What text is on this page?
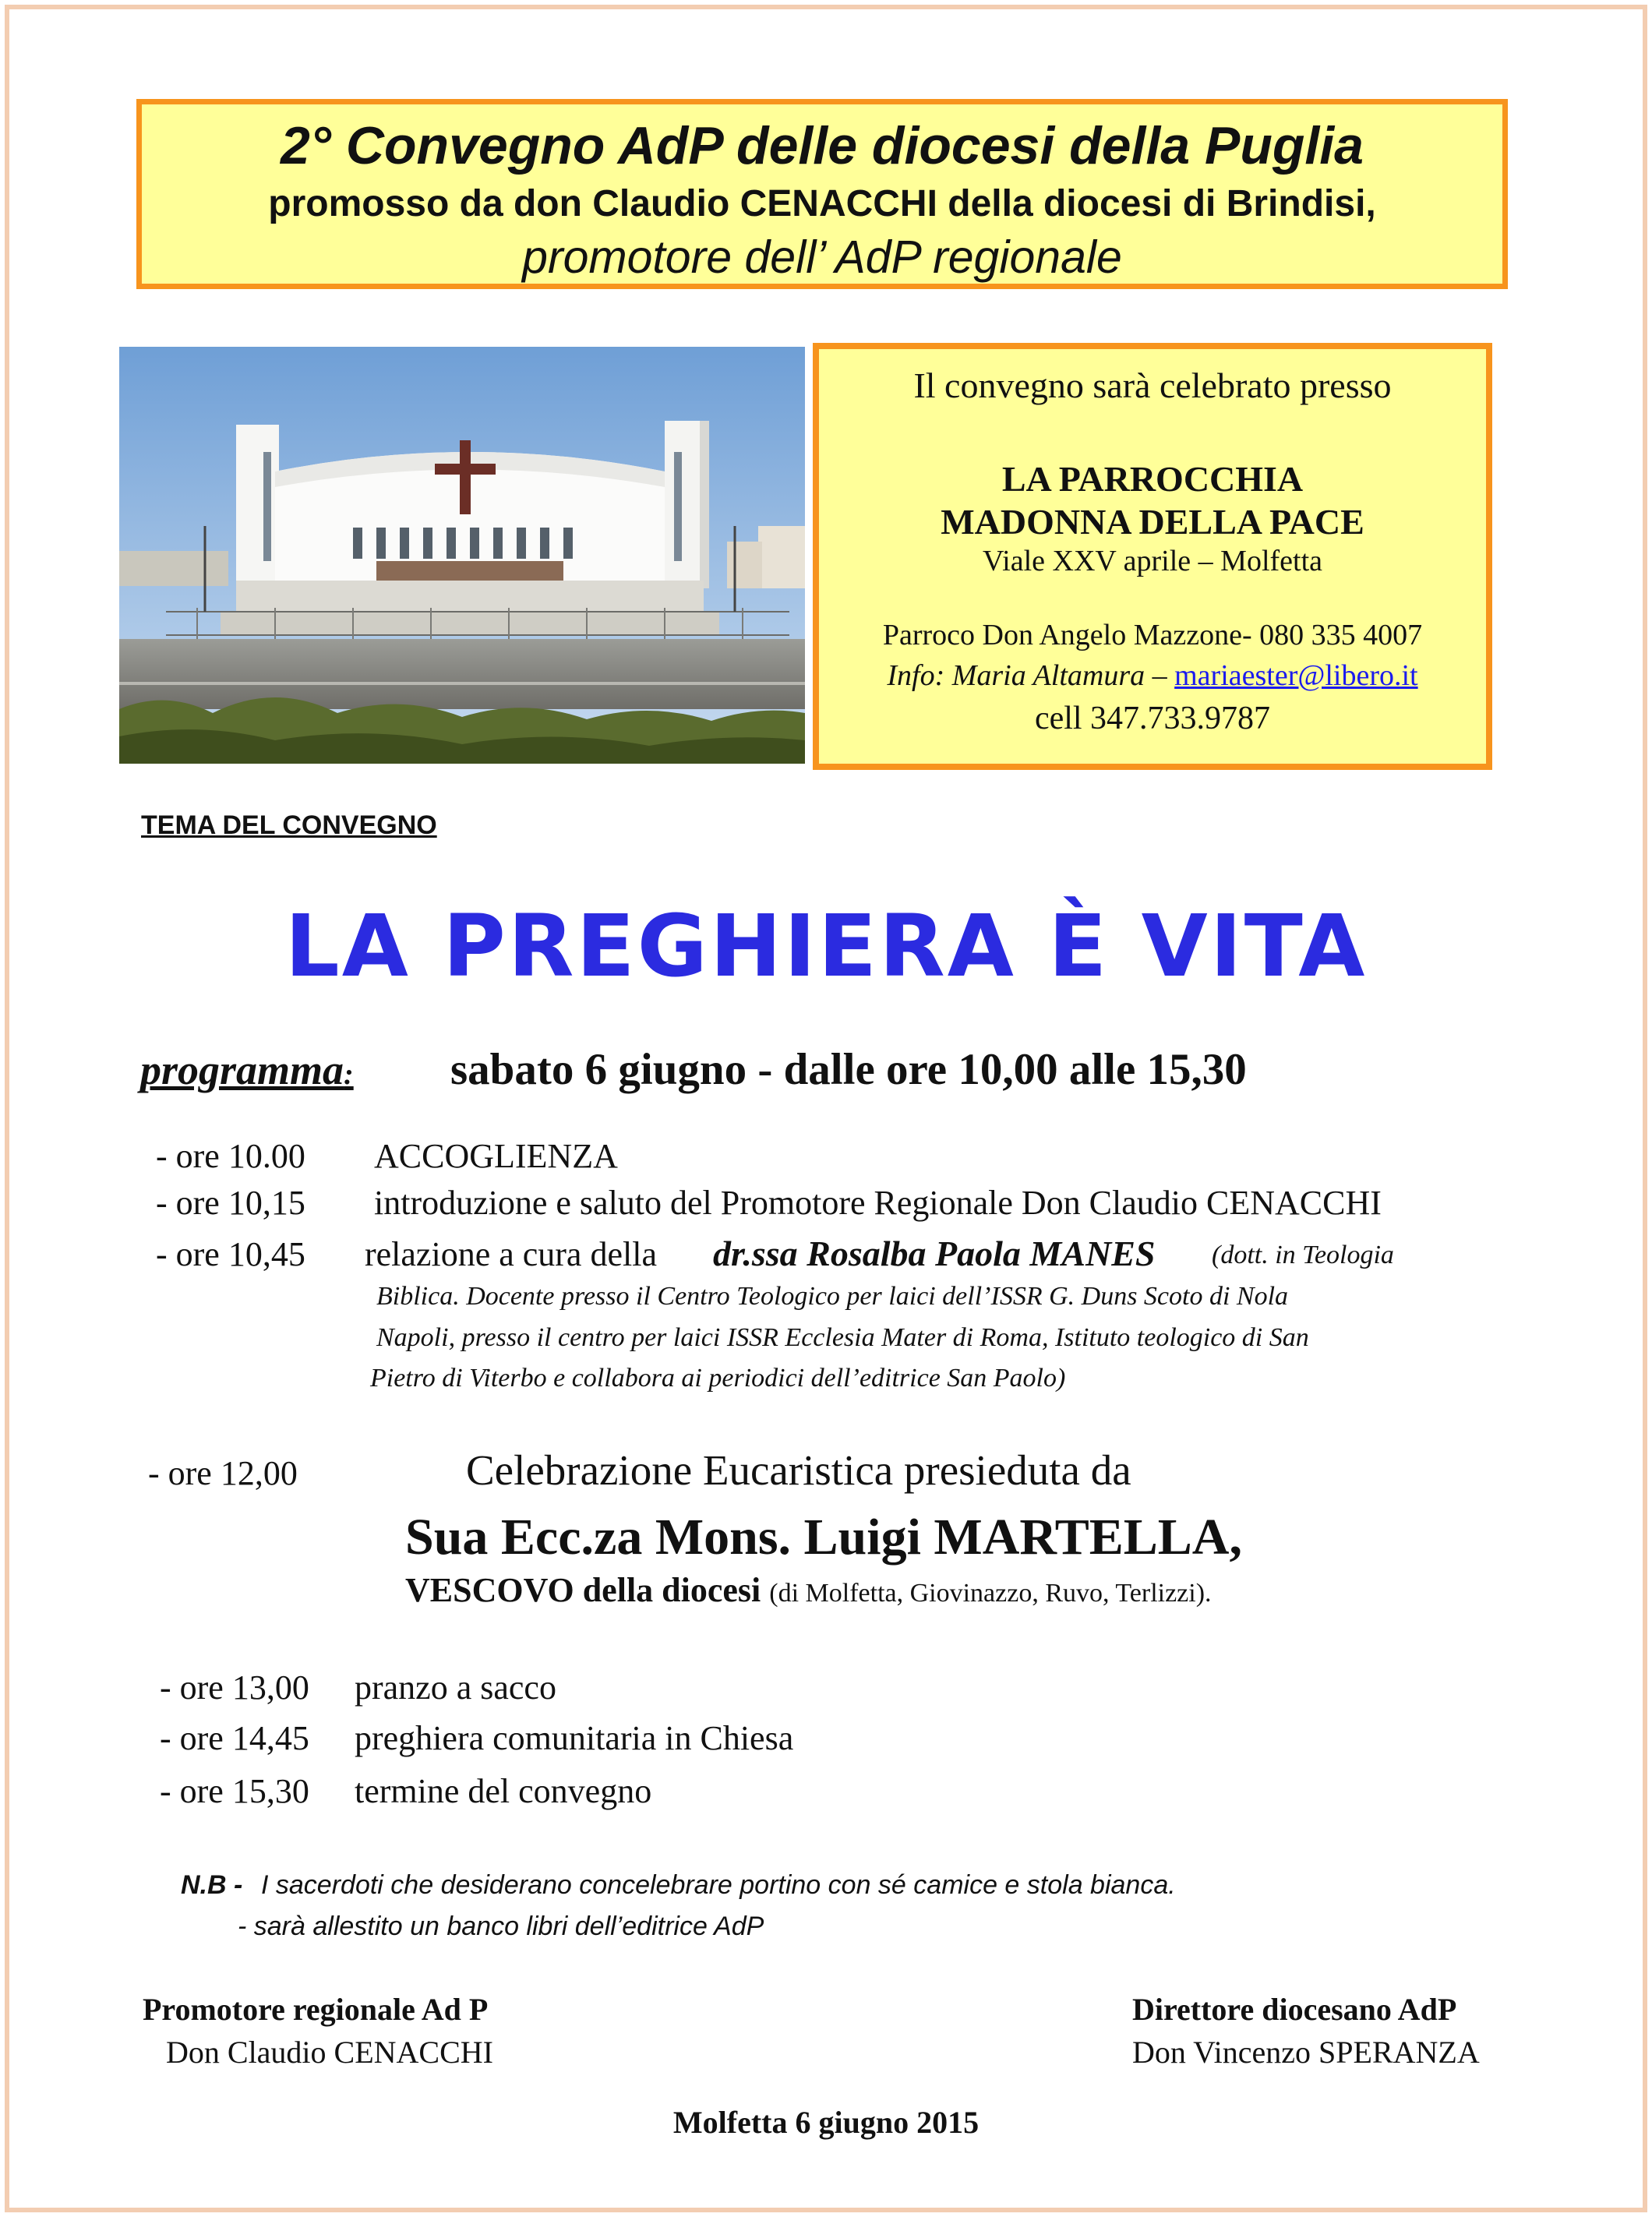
2° Convegno AdP delle diocesi della Puglia
promosso da don Claudio CENACCHI della diocesi di Brindisi,
promotore dell’ AdP regionale
Il convegno sarà celebrato presso
LA PARROCCHIA
MADONNA DELLA PACE
Viale XXV aprile – Molfetta
Parroco Don Angelo Mazzone- 080 335 4007
Info: Maria Altamura – mariaester@libero.it
cell 347.733.9787
TEMA DEL CONVEGNO
LA PREGHIERA È VITA
programma: sabato 6 giugno - dalle ore 10,00 alle 15,30
- ore 10.00 ACCOGLIENZA
- ore 10,15 introduzione e saluto del Promotore Regionale Don Claudio CENACCHI
- ore 10,45 relazione a cura della dr.ssa Rosalba Paola MANES (dott. in Teologia
Biblica. Docente presso il Centro Teologico per laici dell’ISSR G. Duns Scoto di Nola
Napoli, presso il centro per laici ISSR Ecclesia Mater di Roma, Istituto teologico di San
Pietro di Viterbo e collabora ai periodici dell’editrice San Paolo)
- ore 12,00	Celebrazione Eucaristica presieduta da
Sua Ecc.za Mons. Luigi MARTELLA,
VESCOVO della diocesi (di Molfetta, Giovinazzo, Ruvo, Terlizzi).
- ore 13,00 pranzo a sacco
- ore 14,45 preghiera comunitaria in Chiesa
- ore 15,30 termine del convegno
N.B - I sacerdoti che desiderano concelebrare portino con sé camice e stola bianca.
- sarà allestito un banco libri dell’editrice AdP
Promotore regionale Ad P
Don Claudio CENACCHI
Direttore diocesano AdP
Don Vincenzo SPERANZA
Molfetta 6 giugno 2015
